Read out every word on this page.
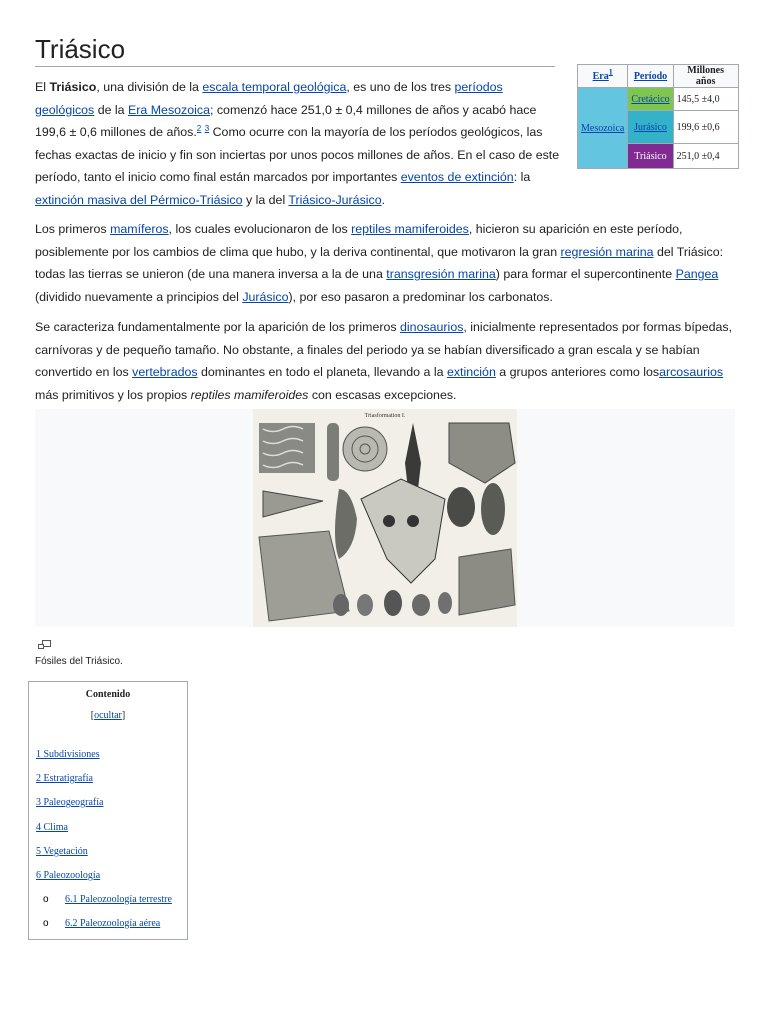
Triásico
Era$^1$	Período	Millones años
Mesozoica	Cretácico	145,5 ±4,0
	Jurásico	199,6 ±0,6
	Triásico	251,0 ±0,4

El Triásico, una división de la escala temporal geológica, es uno de los tres períodos geológicos de la Era Mesozoica; comenzó hace 251,0 ± 0,4 millones de años y acabó hace 199,6 ± 0,6 millones de años.$^2$ $^3$ Como ocurre con la mayoría de los períodos geológicos, las fechas exactas de inicio y fin son inciertas por unos pocos millones de años. En el caso de este período, tanto el inicio como final están marcados por importantes eventos de extinción: la extinción masiva del Pérmico-Triásico y la del Triásico-Jurásico.

Los primeros mamíferos, los cuales evolucionaron de los reptiles mamiferoides, hicieron su aparición en este período, posiblemente por los cambios de clima que hubo, y la deriva continental, que motivaron la gran regresión marina del Triásico: todas las tierras se unieron (de una manera inversa a la de una transgresión marina) para formar el supercontinente Pangea (dividido nuevamente a principios del Jurásico), por eso pasaron a predominar los carbonatos.

Se caracteriza fundamentalmente por la aparición de los primeros dinosaurios, inicialmente representados por formas bípedas, carnívoras y de pequeño tamaño. No obstante, a finales del periodo ya se habían diversificado a gran escala y se habían convertido en los vertebrados dominantes en todo el planeta, llevando a la extinción a grupos anteriores como losarcosaurios más primitivos y los propios reptiles mamiferoides con escasas excepciones.

Triasformation I.

Fósiles del Triásico.

Contenido

[ocultar]

1 Subdivisiones

2 Estratigrafía

3 Paleogeografía

4 Clima

5 Vegetación

6 Paleozoología

o 6.1 Paleozoología terrestre

o 6.2 Paleozoología aérea
